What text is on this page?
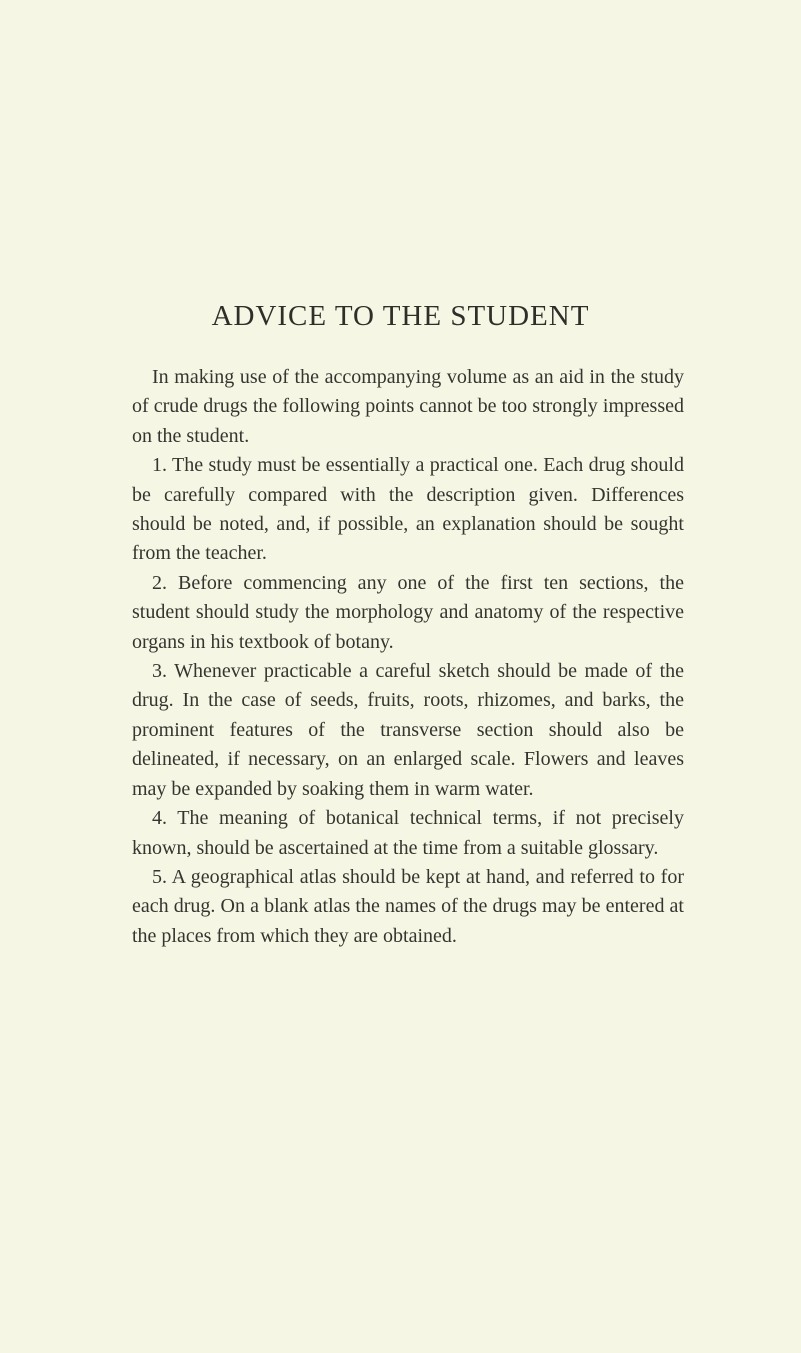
ADVICE TO THE STUDENT

In making use of the accompanying volume as an aid in the study of crude drugs the following points cannot be too strongly impressed on the student.

1. The study must be essentially a practical one. Each drug should be carefully compared with the description given. Differences should be noted, and, if possible, an explanation should be sought from the teacher.

2. Before commencing any one of the first ten sections, the student should study the morphology and anatomy of the respective organs in his textbook of botany.

3. Whenever practicable a careful sketch should be made of the drug. In the case of seeds, fruits, roots, rhizomes, and barks, the prominent features of the transverse section should also be delineated, if necessary, on an enlarged scale. Flowers and leaves may be expanded by soaking them in warm water.

4. The meaning of botanical technical terms, if not precisely known, should be ascertained at the time from a suitable glossary.

5. A geographical atlas should be kept at hand, and referred to for each drug. On a blank atlas the names of the drugs may be entered at the places from which they are obtained.
